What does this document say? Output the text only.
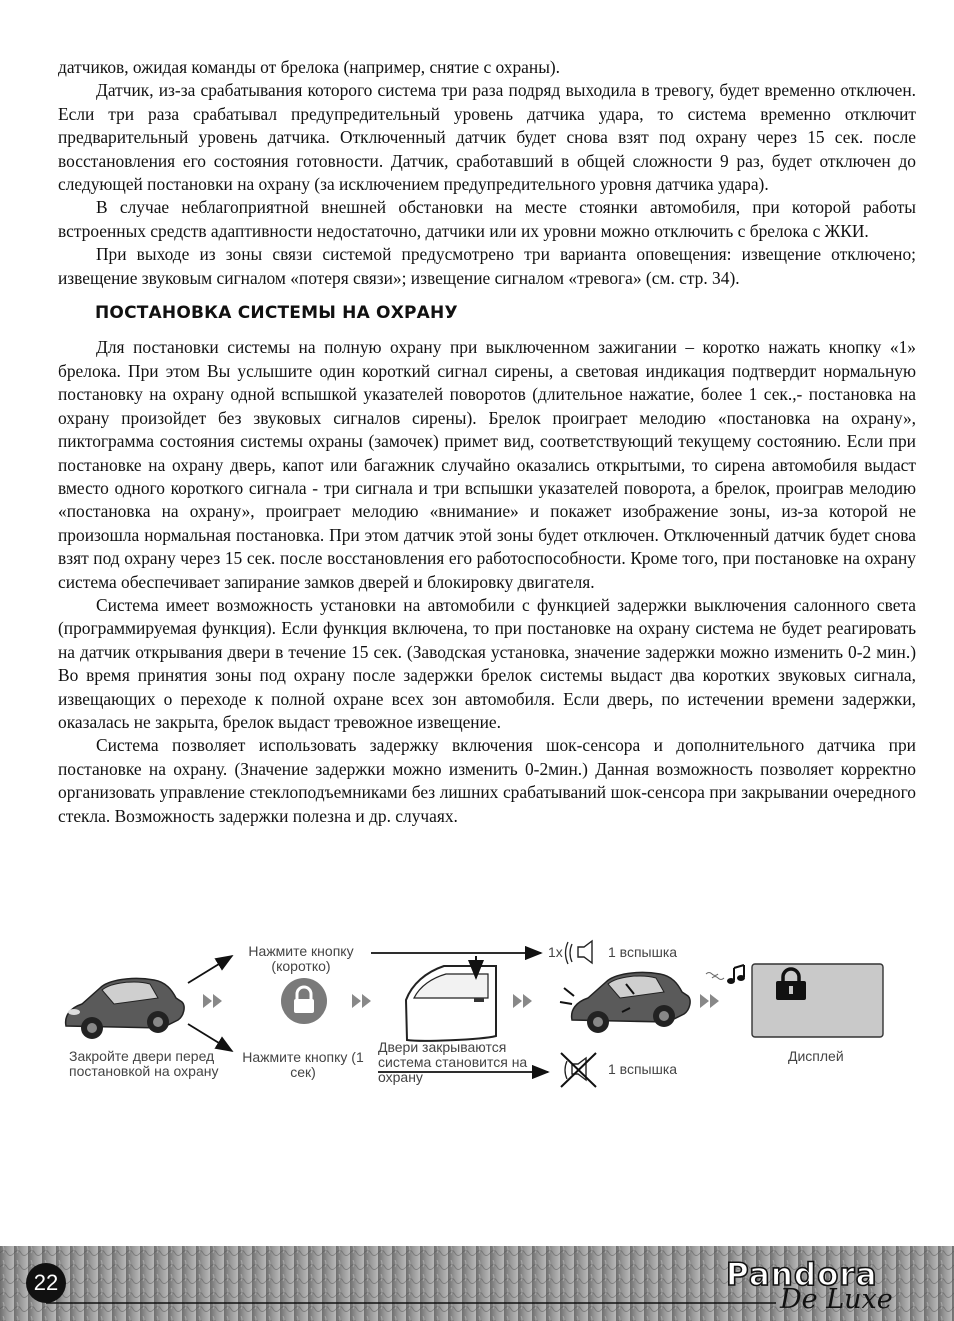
датчиков, ожидая команды от брелока (например, снятие с охраны).

Датчик, из-за срабатывания которого система три раза подряд выходила в тревогу, будет временно отключен. Если три раза срабатывал предупредительный уровень датчика удара, то система временно отключит предварительный уровень датчика. Отключенный датчик будет снова взят под охрану через 15 сек. после восстановления его состояния готовности. Датчик, сработавший в общей сложности 9 раз, будет отключен до следующей постановки на охрану (за исключением предупредительного уровня датчика удара).

В случае неблагоприятной внешней обстановки на месте стоянки автомобиля, при которой работы встроенных средств адаптивности недостаточно, датчики или их уровни можно отключить с брелока с ЖКИ.

При выходе из зоны связи системой предусмотрено три варианта оповещения: извещение отключено; извещение звуковым сигналом «потеря связи»; извещение сигналом «тревога» (см. стр. 34).

ПОСТАНОВКА СИСТЕМЫ НА ОХРАНУ

Для постановки системы на полную охрану при выключенном зажигании – коротко нажать кнопку «1» брелока. При этом Вы услышите один короткий сигнал сирены, а световая индикация подтвердит нормальную постановку на охрану одной вспышкой указателей поворотов (длительное нажатие, более 1 сек.,- постановка на охрану произойдет без звуковых сигналов сирены). Брелок проиграет мелодию «постановка на охрану», пиктограмма состояния системы охраны (замочек) примет вид, соответствующий текущему состоянию. Если при постановке на охрану дверь, капот или багажник случайно оказались открытыми, то сирена автомобиля выдаст вместо одного короткого сигнала - три сигнала и три вспышки указателей поворота, а брелок, проиграв мелодию «постановка на охрану», проиграет мелодию «внимание» и покажет изображение зоны, из-за которой не произошла нормальная постановка. При этом датчик этой зоны будет отключен. Отключенный датчик будет снова взят под охрану через 15 сек. после восстановления его работоспособности. Кроме того, при постановке на охрану система обеспечивает запирание замков дверей и блокировку двигателя.

Система имеет возможность установки на автомобили с функцией задержки выключения салонного света (программируемая функция). Если функция включена, то при постановке на охрану система не будет реагировать на датчик открывания двери в течение 15 сек. (Заводская установка, значение задержки можно изменить 0-2 мин.) Во время принятия зоны под охрану после задержки брелок системы выдаст два коротких звуковых сигнала, извещающих о переходе к полной охране всех зон автомобиля. Если дверь, по истечении времени задержки, оказалась не закрыта, брелок выдаст тревожное извещение.

Система позволяет использовать задержку включения шок-сенсора и дополнительного датчика при постановке на охрану. (Значение задержки можно изменить 0-2мин.) Данная возможность позволяет корректно организовать управление стеклоподъемниками без лишних срабатываний шок-сенсора при закрывании очередного стекла. Возможность задержки полезна и др. случаях.

Нажмите кнопку (коротко)
1x	1 вспышка
Закройте двери перед постановкой на охрану
Нажмите кнопку (1 сек)
Двери закрываются система становится на охрану	1 вспышка
Дисплей
22	Pandora
De Luxe
